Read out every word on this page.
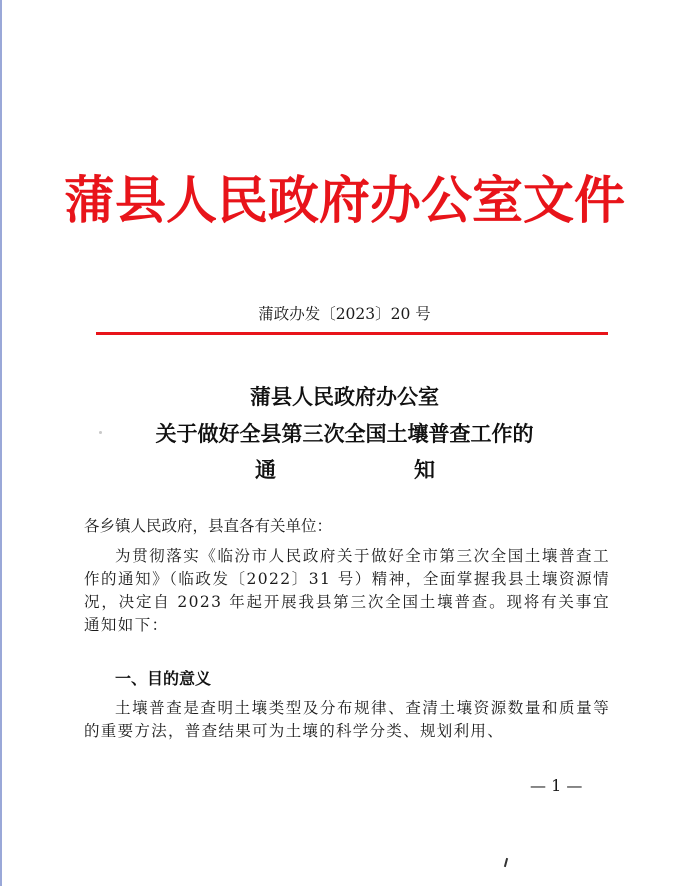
蒲县人民政府办公室文件
蒲政办发〔2023〕20 号
蒲县人民政府办公室
关于做好全县第三次全国土壤普查工作的
通	知
各乡镇人民政府，县直各有关单位：
为贯彻落实《临汾市人民政府关于做好全市第三次全国土壤普查工作的通知》（临政发〔2022〕31 号）精神，全面掌握我县土壤资源情况，决定自 2023 年起开展我县第三次全国土壤普查。现将有关事宜通知如下：
一、目的意义
土壤普查是查明土壤类型及分布规律、查清土壤资源数量和质量等的重要方法，普查结果可为土壤的科学分类、规划利用、
— 1 —
